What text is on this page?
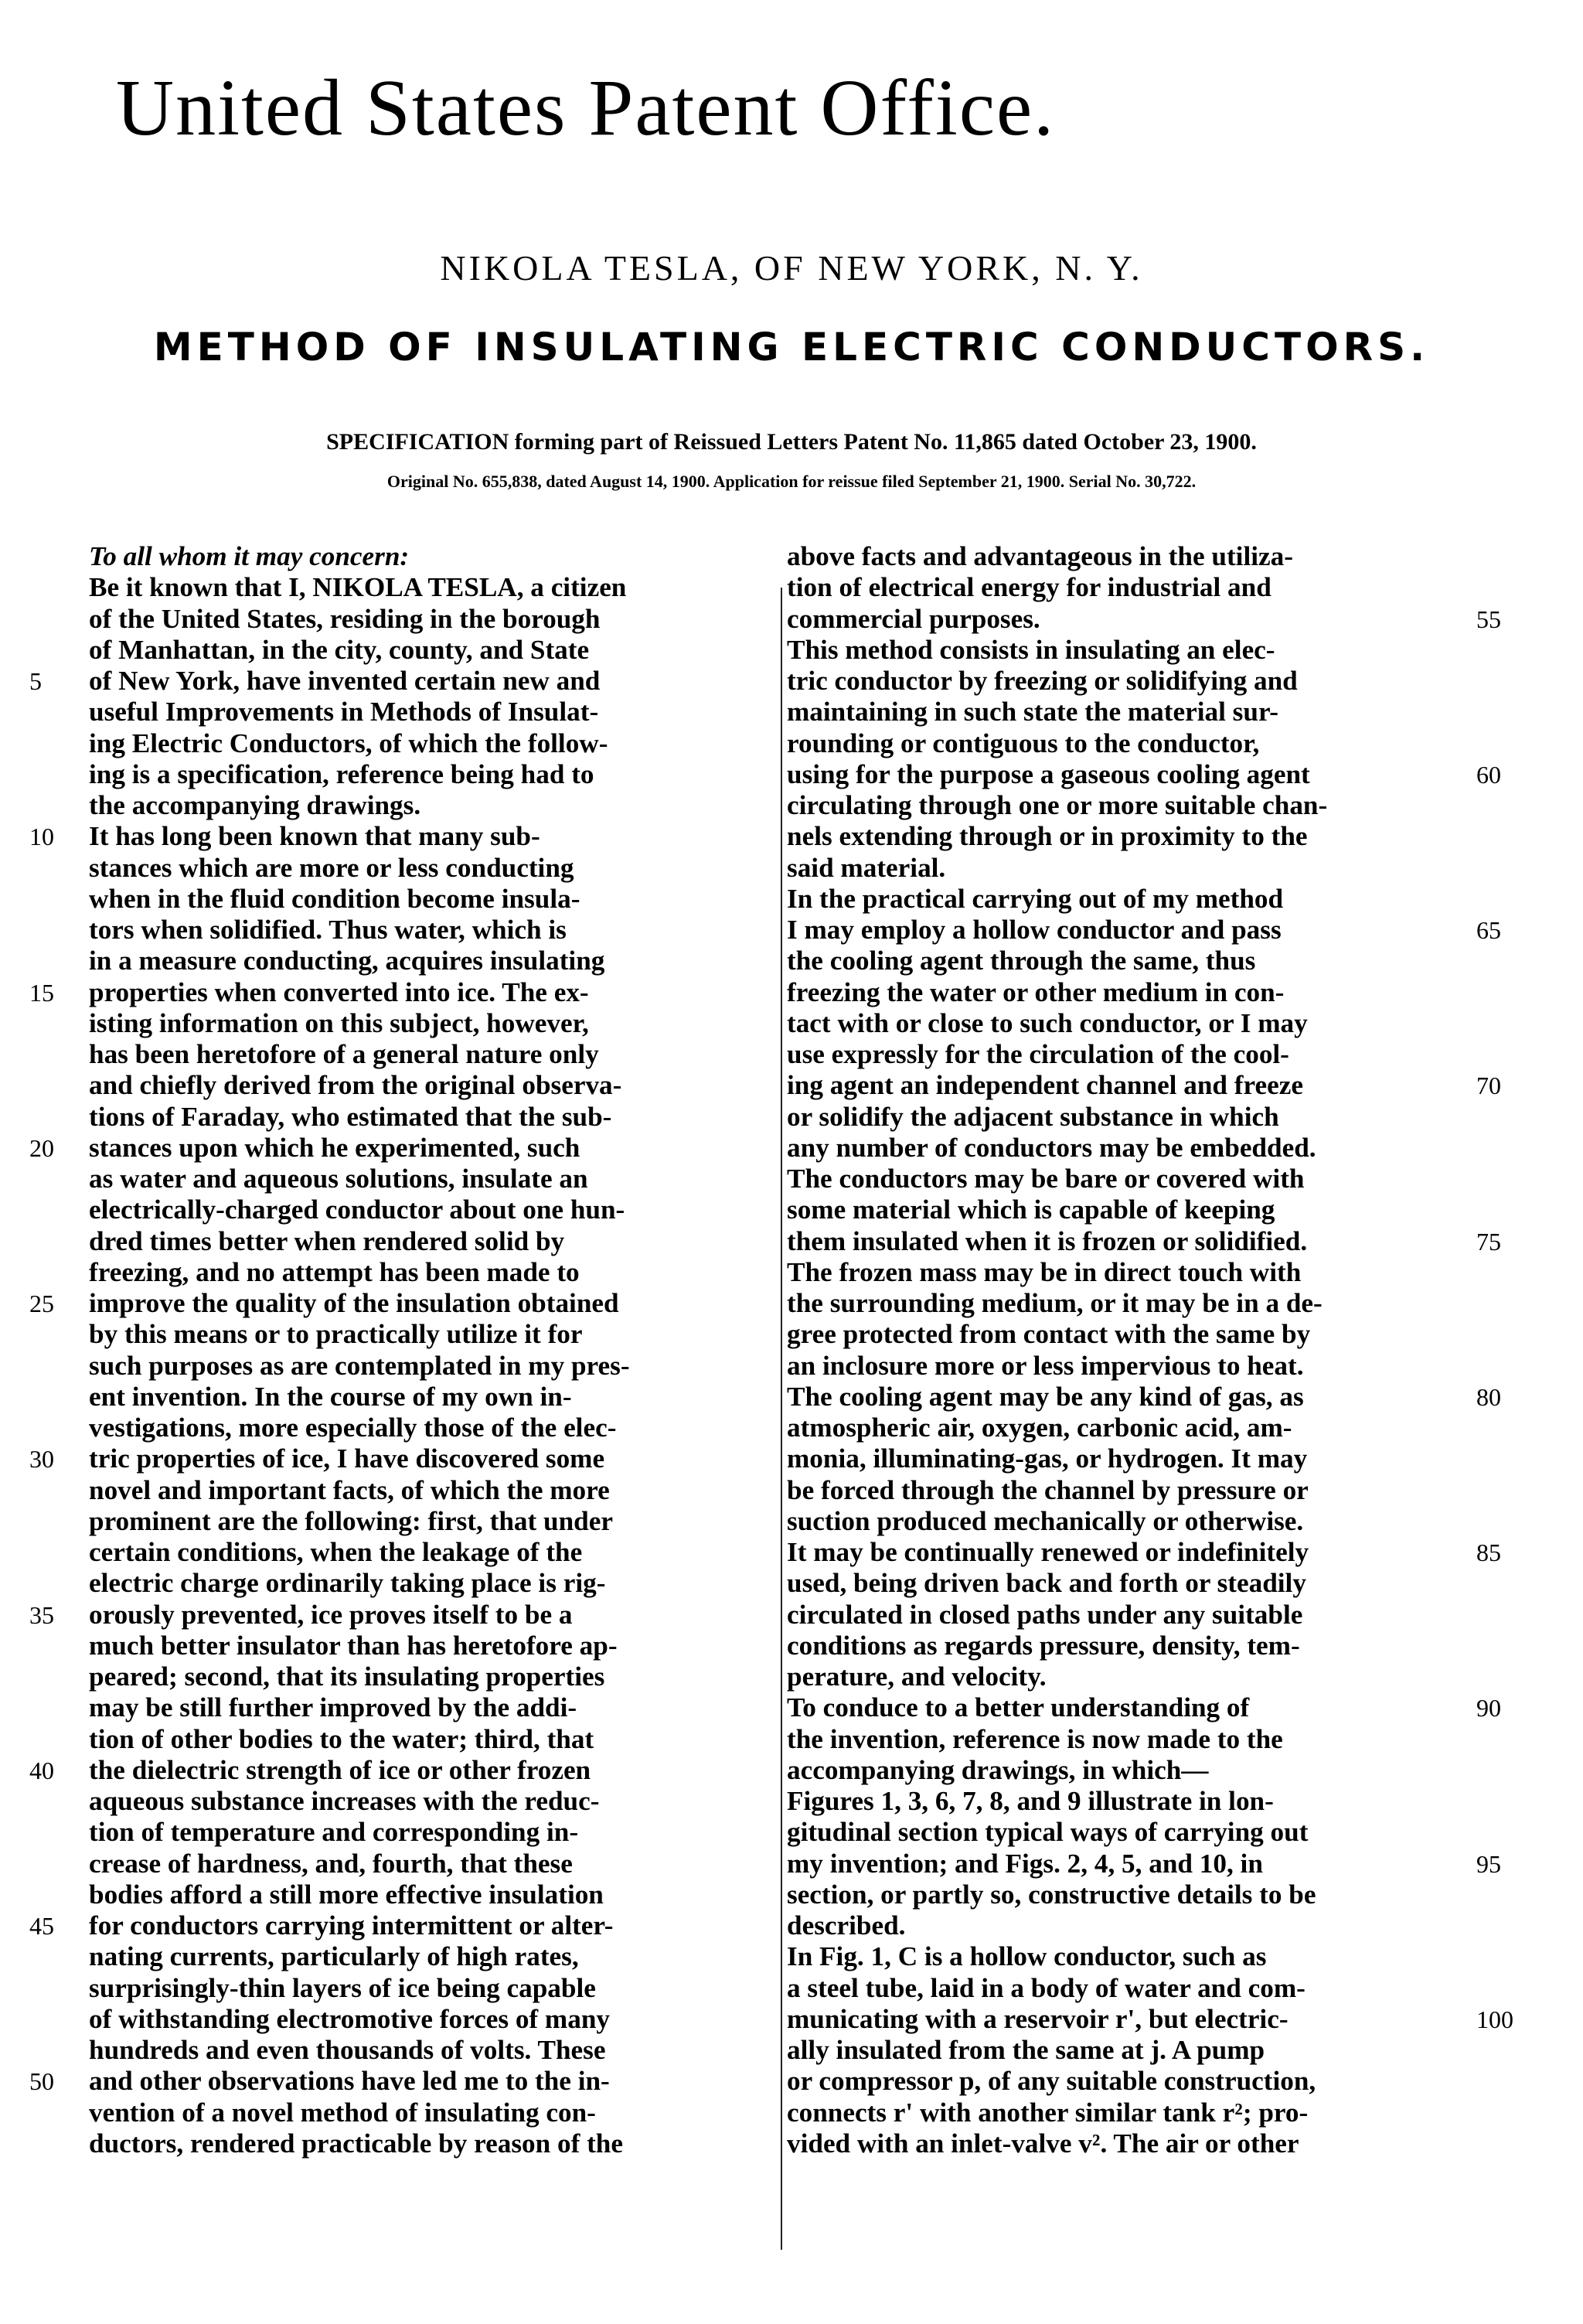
United States Patent Office.
NIKOLA TESLA, OF NEW YORK, N. Y.
METHOD OF INSULATING ELECTRIC CONDUCTORS.
SPECIFICATION forming part of Reissued Letters Patent No. 11,865 dated October 23, 1900.
Original No. 655,838, dated August 14, 1900. Application for reissue filed September 21, 1900. Serial No. 30,722.
To all whom it may concern:
Be it known that I, NIKOLA TESLA, a citizen
of the United States, residing in the borough
of Manhattan, in the city, county, and State
of New York, have invented certain new and
5
useful Improvements in Methods of Insulat-
ing Electric Conductors, of which the follow-
ing is a specification, reference being had to
the accompanying drawings.
It has long been known that many sub-
10
stances which are more or less conducting
when in the fluid condition become insula-
tors when solidified. Thus water, which is
in a measure conducting, acquires insulating
properties when converted into ice. The ex-
15
isting information on this subject, however,
has been heretofore of a general nature only
and chiefly derived from the original observa-
tions of Faraday, who estimated that the sub-
stances upon which he experimented, such
20
as water and aqueous solutions, insulate an
electrically-charged conductor about one hun-
dred times better when rendered solid by
freezing, and no attempt has been made to
improve the quality of the insulation obtained
25
by this means or to practically utilize it for
such purposes as are contemplated in my pres-
ent invention. In the course of my own in-
vestigations, more especially those of the elec-
tric properties of ice, I have discovered some
30
novel and important facts, of which the more
prominent are the following: first, that under
certain conditions, when the leakage of the
electric charge ordinarily taking place is rig-
orously prevented, ice proves itself to be a
35
much better insulator than has heretofore ap-
peared; second, that its insulating properties
may be still further improved by the addi-
tion of other bodies to the water; third, that
the dielectric strength of ice or other frozen
40
aqueous substance increases with the reduc-
tion of temperature and corresponding in-
crease of hardness, and, fourth, that these
bodies afford a still more effective insulation
for conductors carrying intermittent or alter-
45
nating currents, particularly of high rates,
surprisingly-thin layers of ice being capable
of withstanding electromotive forces of many
hundreds and even thousands of volts. These
and other observations have led me to the in-
50
vention of a novel method of insulating con-
ductors, rendered practicable by reason of the
above facts and advantageous in the utiliza-
tion of electrical energy for industrial and
commercial purposes.	55
This method consists in insulating an elec-
tric conductor by freezing or solidifying and
maintaining in such state the material sur-
rounding or contiguous to the conductor,
using for the purpose a gaseous cooling agent	60
circulating through one or more suitable chan-
nels extending through or in proximity to the
said material.
In the practical carrying out of my method
I may employ a hollow conductor and pass	65
the cooling agent through the same, thus
freezing the water or other medium in con-
tact with or close to such conductor, or I may
use expressly for the circulation of the cool-
ing agent an independent channel and freeze	70
or solidify the adjacent substance in which
any number of conductors may be embedded.
The conductors may be bare or covered with
some material which is capable of keeping
them insulated when it is frozen or solidified.	75
The frozen mass may be in direct touch with
the surrounding medium, or it may be in a de-
gree protected from contact with the same by
an inclosure more or less impervious to heat.
The cooling agent may be any kind of gas, as	80
atmospheric air, oxygen, carbonic acid, am-
monia, illuminating-gas, or hydrogen. It may
be forced through the channel by pressure or
suction produced mechanically or otherwise.
It may be continually renewed or indefinitely	85
used, being driven back and forth or steadily
circulated in closed paths under any suitable
conditions as regards pressure, density, tem-
perature, and velocity.
To conduce to a better understanding of	90
the invention, reference is now made to the
accompanying drawings, in which—
Figures 1, 3, 6, 7, 8, and 9 illustrate in lon-
gitudinal section typical ways of carrying out
my invention; and Figs. 2, 4, 5, and 10, in	95
section, or partly so, constructive details to be
described.
In Fig. 1, C is a hollow conductor, such as
a steel tube, laid in a body of water and com-
municating with a reservoir r', but electric-	100
ally insulated from the same at j. A pump
or compressor p, of any suitable construction,
connects r' with another similar tank r²; pro-
vided with an inlet-valve v². The air or other
